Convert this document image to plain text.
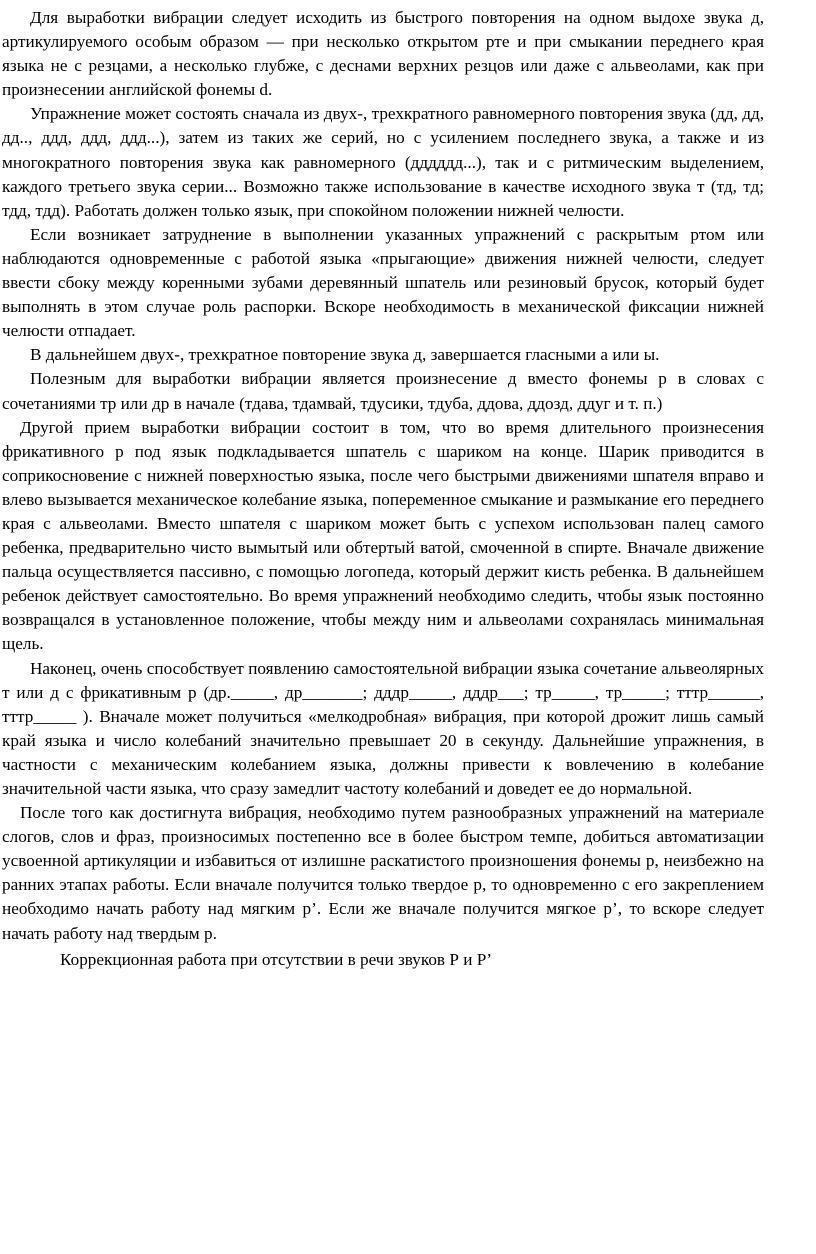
Для выработки вибрации следует исходить из быстрого повторения на одном выдохе звука д, артикулируемого особым образом — при несколько открытом рте и при смыкании переднего края языка не с резцами, а несколько глубже, с деснами верхних резцов или даже с альвеолами, как при произнесении английской фонемы d.

Упражнение может состоять сначала из двух-, трехкратного равномерного повторения звука (дд, дд, дд.., ддд, ддд, ддд...), затем из таких же серий, но с усилением последнего звука, а также и из многократного повторения звука как равномерного (дддддд...), так и с ритмическим выделением, каждого третьего звука серии... Возможно также использование в качестве исходного звука т (тд, тд; тдд, тдд). Работать должен только язык, при спокойном положении нижней челюсти.

Если возникает затруднение в выполнении указанных упражнений с раскрытым ртом или наблюдаются одновременные с работой языка «прыгающие» движения нижней челюсти, следует ввести сбоку между коренными зубами деревянный шпатель или резиновый брусок, который будет выполнять в этом случае роль распорки. Вскоре необходимость в механической фиксации нижней челюсти отпадает.

В дальнейшем двух-, трехкратное повторение звука д, завершается гласными а или ы.

Полезным для выработки вибрации является произнесение д вместо фонемы р в словах с сочетаниями тр или др в начале (тдава, тдамвай, тдусики, тдуба, ддова, ддозд, ддуг и т. п.)

Другой прием выработки вибрации состоит в том, что во время длительного произнесения фрикативного р под язык подкладывается шпатель с шариком на конце. Шарик приводится в соприкосновение с нижней поверхностью языка, после чего быстрыми движениями шпателя вправо и влево вызывается механическое колебание языка, попеременное смыкание и размыкание его переднего края с альвеолами. Вместо шпателя с шариком может быть с успехом использован палец самого ребенка, предварительно чисто вымытый или обтертый ватой, смоченной в спирте. Вначале движение пальца осуществляется пассивно, с помощью логопеда, который держит кисть ребенка. В дальнейшем ребенок действует самостоятельно. Во время упражнений необходимо следить, чтобы язык постоянно возвращался в установленное положение, чтобы между ним и альвеолами сохранялась минимальная щель.

Наконец, очень способствует появлению самостоятельной вибрации языка сочетание альвеолярных т или д с фрикативным р (др._____, др_______; дддр_____, дддр___; тр_____, тр_____; тттр______, тттр_____ ). Вначале может получиться «мелкодробная» вибрация, при которой дрожит лишь самый край языка и число колебаний значительно превышает 20 в секунду. Дальнейшие упражнения, в частности с механическим колебанием языка, должны привести к вовлечению в колебание значительной части языка, что сразу замедлит частоту колебаний и доведет ее до нормальной.

После того как достигнута вибрация, необходимо путем разнообразных упражнений на материале слогов, слов и фраз, произносимых постепенно все в более быстром темпе, добиться автоматизации усвоенной артикуляции и избавиться от излишне раскатистого произношения фонемы р, неизбежно на ранних этапах работы. Если вначале получится только твердое р, то одновременно с его закреплением необходимо начать работу над мягким р’. Если же вначале получится мягкое р’, то вскоре следует начать работу над твердым р.

Коррекционная работа при отсутствии в речи звуков Р и Р’
